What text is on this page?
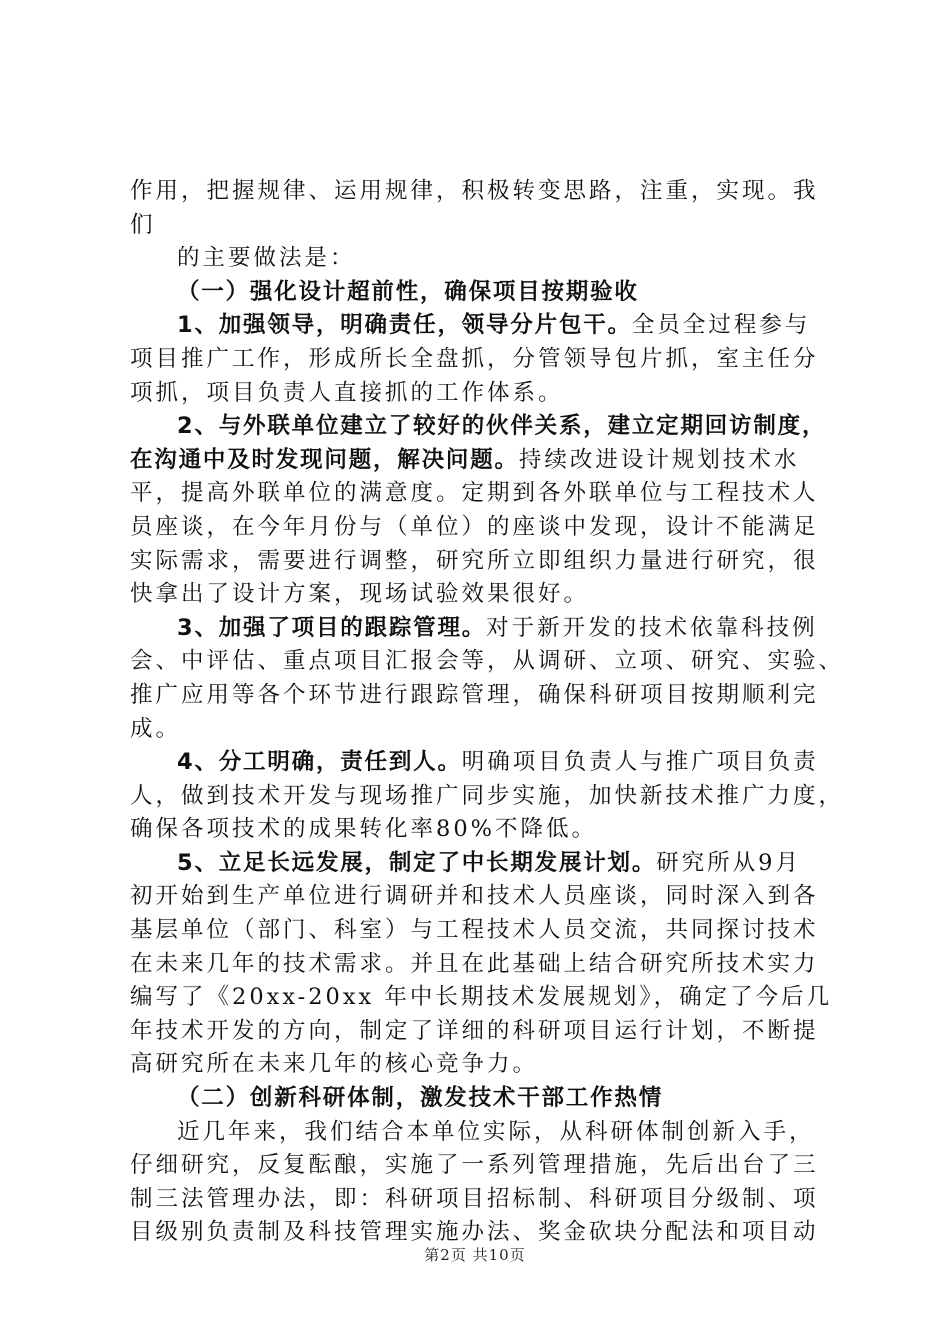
作用，把握规律、运用规律，积极转变思路，注重，实现。我
们
的主要做法是：
（一）强化设计超前性，确保项目按期验收
1、加强领导，明确责任，领导分片包干。全员全过程参与
项目推广工作，形成所长全盘抓，分管领导包片抓，室主任分
项抓，项目负责人直接抓的工作体系。
2、与外联单位建立了较好的伙伴关系，建立定期回访制度，
在沟通中及时发现问题，解决问题。持续改进设计规划技术水
平，提高外联单位的满意度。定期到各外联单位与工程技术人
员座谈，在今年月份与（单位）的座谈中发现，设计不能满足
实际需求，需要进行调整，研究所立即组织力量进行研究，很
快拿出了设计方案，现场试验效果很好。
3、加强了项目的跟踪管理。对于新开发的技术依靠科技例
会、中评估、重点项目汇报会等，从调研、立项、研究、实验、
推广应用等各个环节进行跟踪管理，确保科研项目按期顺利完
成。
4、分工明确，责任到人。明确项目负责人与推广项目负责
人，做到技术开发与现场推广同步实施，加快新技术推广力度，
确保各项技术的成果转化率80%不降低。
5、立足长远发展，制定了中长期发展计划。研究所从9月
初开始到生产单位进行调研并和技术人员座谈，同时深入到各
基层单位（部门、科室）与工程技术人员交流，共同探讨技术
在未来几年的技术需求。并且在此基础上结合研究所技术实力
编写了《20xx-20xx 年中长期技术发展规划》，确定了今后几
年技术开发的方向，制定了详细的科研项目运行计划，不断提
高研究所在未来几年的核心竞争力。
（二）创新科研体制，激发技术干部工作热情
近几年来，我们结合本单位实际，从科研体制创新入手，
仔细研究，反复酝酿，实施了一系列管理措施，先后出台了三
制三法管理办法，即：科研项目招标制、科研项目分级制、项
目级别负责制及科技管理实施办法、奖金砍块分配法和项目动
第2页 共10页
